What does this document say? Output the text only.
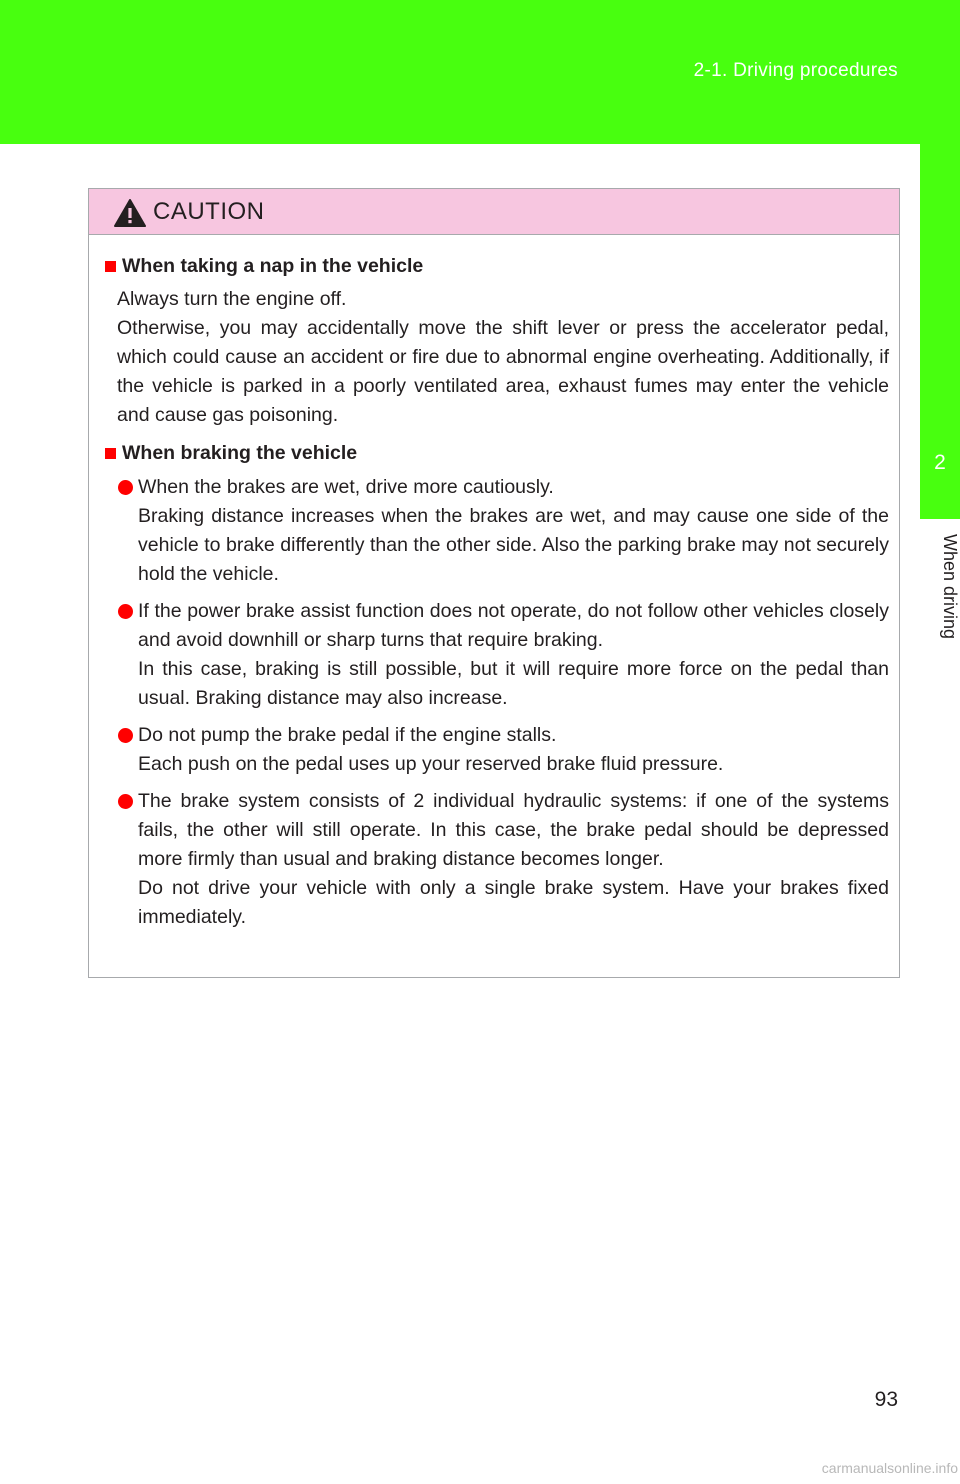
2-1. Driving procedures
2
When driving
CAUTION
When taking a nap in the vehicle
Always turn the engine off.
Otherwise, you may accidentally move the shift lever or press the accelerator pedal, which could cause an accident or fire due to abnormal engine overheating. Additionally, if the vehicle is parked in a poorly ventilated area, exhaust fumes may enter the vehicle and cause gas poisoning.
When braking the vehicle
When the brakes are wet, drive more cautiously.
Braking distance increases when the brakes are wet, and may cause one side of the vehicle to brake differently than the other side. Also the parking brake may not securely hold the vehicle.
If the power brake assist function does not operate, do not follow other vehicles closely and avoid downhill or sharp turns that require braking.
In this case, braking is still possible, but it will require more force on the pedal than usual. Braking distance may also increase.
Do not pump the brake pedal if the engine stalls.
Each push on the pedal uses up your reserved brake fluid pressure.
The brake system consists of 2 individual hydraulic systems: if one of the systems fails, the other will still operate. In this case, the brake pedal should be depressed more firmly than usual and braking distance becomes longer.
Do not drive your vehicle with only a single brake system. Have your brakes fixed immediately.
93
carmanualsonline.info
